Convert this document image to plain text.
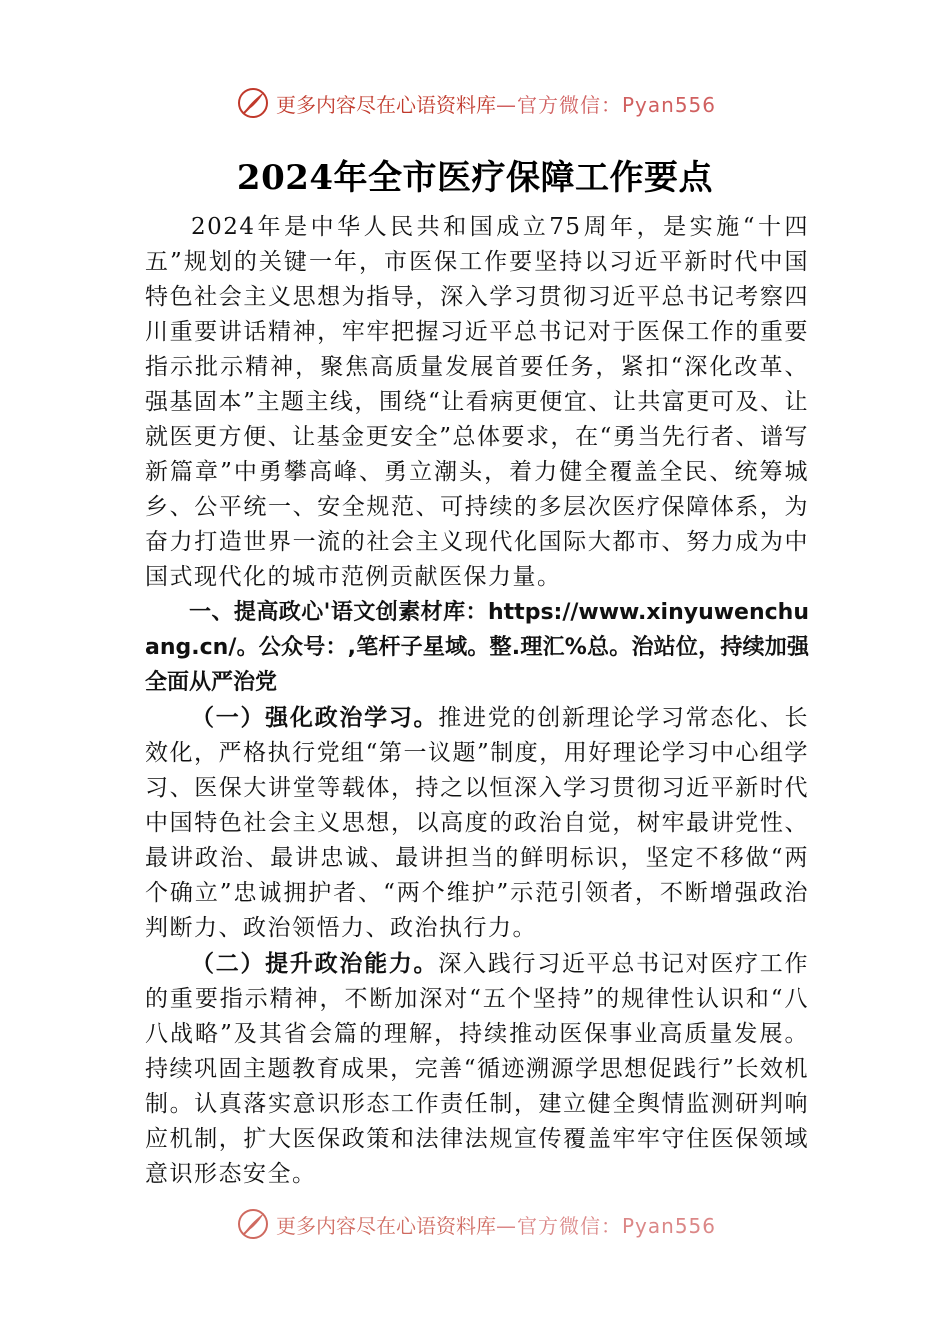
更多内容尽在心语资料库 —官方微信：Pyan556
2024年全市医疗保障工作要点

2024年是中华人民共和国成立75周年，是实施“十四五”规划的关键一年，市医保工作要坚持以习近平新时代中国特色社会主义思想为指导，深入学习贯彻习近平总书记考察四川重要讲话精神，牢牢把握习近平总书记对于医保工作的重要指示批示精神，聚焦高质量发展首要任务，紧扣“深化改革、强基固本”主题主线，围绕“让看病更便宜、让共富更可及、让就医更方便、让基金更安全”总体要求，在“勇当先行者、谱写新篇章”中勇攀高峰、勇立潮头，着力健全覆盖全民、统筹城乡、公平统一、安全规范、可持续的多层次医疗保障体系，为奋力打造世界一流的社会主义现代化国际大都市、努力成为中国式现代化的城市范例贡献医保力量。

一、提高政心'语文创素材库：https://www.xinyuwenchuang.cn/。公众号：,笔杆子星域。整.理汇%总。治站位，持续加强全面从严治党

（一）强化政治学习。推进党的创新理论学习常态化、长效化，严格执行党组“第一议题”制度，用好理论学习中心组学习、医保大讲堂等载体，持之以恒深入学习贯彻习近平新时代中国特色社会主义思想，以高度的政治自觉，树牢最讲党性、最讲政治、最讲忠诚、最讲担当的鲜明标识，坚定不移做“两个确立”忠诚拥护者、“两个维护”示范引领者，不断增强政治判断力、政治领悟力、政治执行力。

（二）提升政治能力。深入践行习近平总书记对医疗工作的重要指示精神，不断加深对“五个坚持”的规律性认识和“八八战略”及其省会篇的理解，持续推动医保事业高质量发展。持续巩固主题教育成果，完善“循迹溯源学思想促践行”长效机制。认真落实意识形态工作责任制，建立健全舆情监测研判响应机制，扩大医保政策和法律法规宣传覆盖牢牢守住医保领域意识形态安全。

更多内容尽在心语资料库 —官方微信：Pyan556
